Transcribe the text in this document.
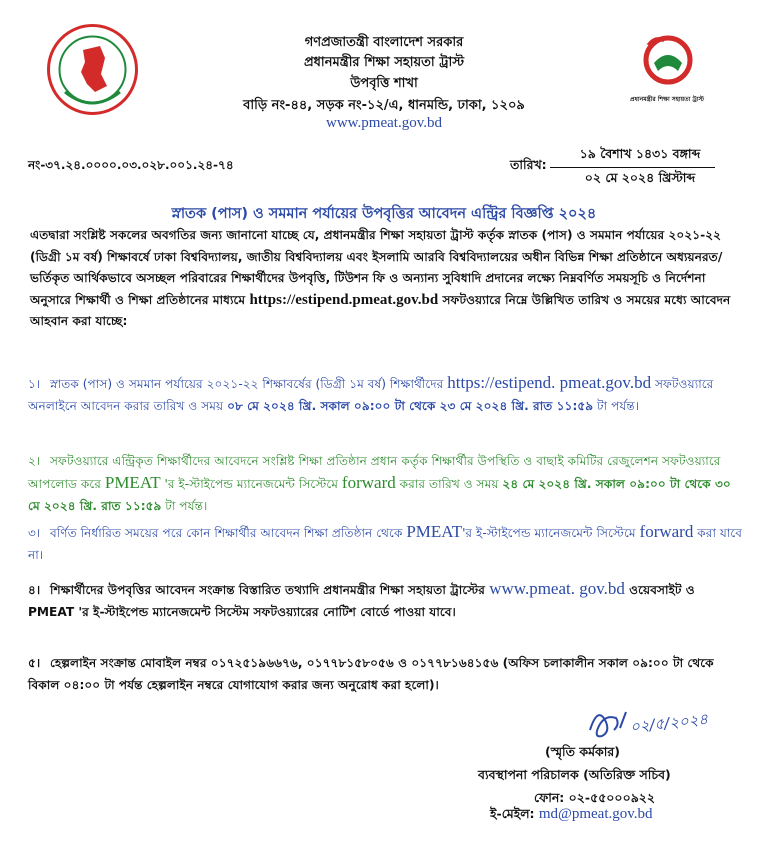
প্রধানমন্ত্রীর শিক্ষা সহায়তা ট্রাস্ট
গণপ্রজাতন্ত্রী বাংলাদেশ সরকার
প্রধানমন্ত্রীর শিক্ষা সহায়তা ট্রাস্ট
উপবৃত্তি শাখা
বাড়ি নং-৪৪, সড়ক নং-১২/এ, ধানমন্ডি, ঢাকা, ১২০৯
www.pmeat.gov.bd
নং-৩৭.২৪.০০০০.০৩.০২৮.০০১.২৪-৭৪	তারিখ:
১৯ বৈশাখ ১৪৩১ বঙ্গাব্দ
০২ মে ২০২৪ খ্রিস্টাব্দ
স্নাতক (পাস) ও সমমান পর্যায়ের উপবৃত্তির আবেদন এন্ট্রির বিজ্ঞপ্তি ২০২৪
এতদ্বারা সংশ্লিষ্ট সকলের অবগতির জন্য জানানো যাচ্ছে যে, প্রধানমন্ত্রীর শিক্ষা সহায়তা ট্রাস্ট কর্তৃক স্নাতক (পাস) ও সমমান পর্যায়ের ২০২১-২২ (ডিগ্রী ১ম বর্ষ) শিক্ষাবর্ষে ঢাকা বিশ্ববিদ্যালয়, জাতীয় বিশ্ববিদ্যালয় এবং ইসলামি আরবি বিশ্ববিদ্যালয়ের অধীন বিভিন্ন শিক্ষা প্রতিষ্ঠানে অধ্যয়নরত/ভর্তিকৃত আর্থিকভাবে অসচ্ছল পরিবারের শিক্ষার্থীদের উপবৃত্তি, টিউশন ফি ও অন্যান্য সুবিধাদি প্রদানের লক্ষ্যে নিম্নবর্ণিত সময়সূচি ও নির্দেশনা অনুসারে শিক্ষার্থী ও শিক্ষা প্রতিষ্ঠানের মাধ্যমে https://estipend.pmeat.gov.bd সফটওয়্যারে নিম্নে উল্লিখিত তারিখ ও সময়ের মধ্যে আবেদন আহবান করা যাচ্ছে:
১। স্নাতক (পাস) ও সমমান পর্যায়ের ২০২১-২২ শিক্ষাবর্ষের (ডিগ্রী ১ম বর্ষ) শিক্ষার্থীদের https://estipend. pmeat.gov.bd সফটওয়্যারে অনলাইনে আবেদন করার তারিখ ও সময় ০৮ মে ২০২৪ খ্রি. সকাল ০৯:০০ টা থেকে ২৩ মে ২০২৪ খ্রি. রাত ১১:৫৯ টা পর্যন্ত।
২। সফটওয়্যারে এন্ট্রিকৃত শিক্ষার্থীদের আবেদনে সংশ্লিষ্ট শিক্ষা প্রতিষ্ঠান প্রধান কর্তৃক শিক্ষার্থীর উপস্থিতি ও বাছাই কমিটির রেজুলেশন সফটওয়্যারে আপলোড করে PMEAT 'র ই-স্টাইপেন্ড ম্যানেজমেন্ট সিস্টেমে forward করার তারিখ ও সময় ২৪ মে ২০২৪ খ্রি. সকাল ০৯:০০ টা থেকে ৩০ মে ২০২৪ খ্রি. রাত ১১:৫৯ টা পর্যন্ত।
৩। বর্ণিত নির্ধারিত সময়ের পরে কোন শিক্ষার্থীর আবেদন শিক্ষা প্রতিষ্ঠান থেকে PMEAT'র ই-স্টাইপেন্ড ম্যানেজমেন্ট সিস্টেমে forward করা যাবে না।
৪। শিক্ষার্থীদের উপবৃত্তির আবেদন সংক্রান্ত বিস্তারিত তথ্যাদি প্রধানমন্ত্রীর শিক্ষা সহায়তা ট্রাস্টের www.pmeat. gov.bd ওয়েবসাইট ও PMEAT 'র ই-স্টাইপেন্ড ম্যানেজমেন্ট সিস্টেম সফটওয়্যারের নোটিশ বোর্ডে পাওয়া যাবে।
৫। হেল্পলাইন সংক্রান্ত মোবাইল নম্বর ০১৭২৫১৯৬৬৭৬, ০১৭৭৮১৫৮০৫৬ ও ০১৭৭৮১৬৪১৫৬ (অফিস চলাকালীন সকাল ০৯:০০ টা থেকে বিকাল ০৪:০০ টা পর্যন্ত হেল্পলাইন নম্বরে যোগাযোগ করার জন্য অনুরোধ করা হলো)।
০২/৫/২০২৪
(স্মৃতি কর্মকার)
ব্যবস্থাপনা পরিচালক (অতিরিক্ত সচিব)
ফোন: ০২-৫৫০০০৯২২
ই-মেইল: md@pmeat.gov.bd
